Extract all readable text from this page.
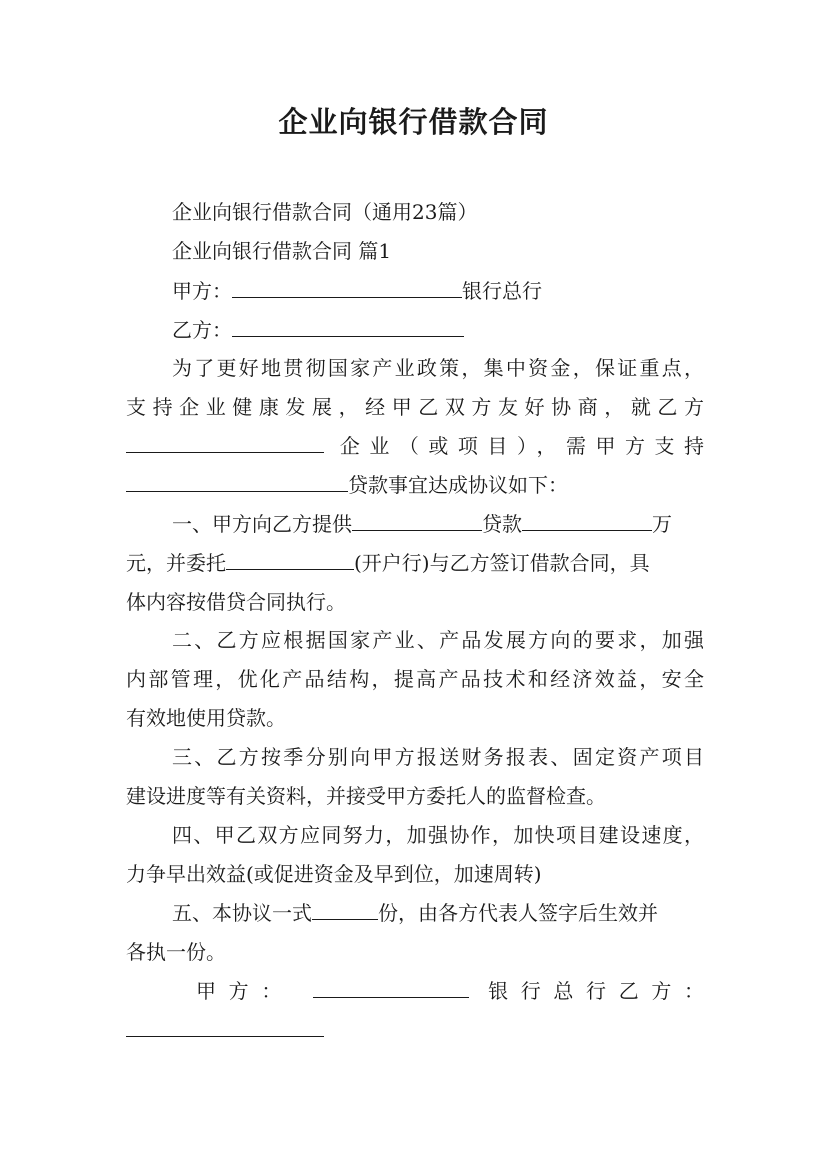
企业向银行借款合同
企业向银行借款合同（通用23篇）
企业向银行借款合同 篇1
甲方：	银行总行
乙方：
为了更好地贯彻国家产业政策，集中资金，保证重点，
支持企业健康发展，经甲乙双方友好协商，就乙方
企业（或项目），需甲方支持
贷款事宜达成协议如下：
一、甲方向乙方提供	贷款	万
元，并委托	(开户行)与乙方签订借款合同，具
体内容按借贷合同执行。
二、乙方应根据国家产业、产品发展方向的要求，加强
内部管理，优化产品结构，提高产品技术和经济效益，安全
有效地使用贷款。
三、乙方按季分别向甲方报送财务报表、固定资产项目
建设进度等有关资料，并接受甲方委托人的监督检查。
四、甲乙双方应同努力，加强协作，加快项目建设速度，
力争早出效益(或促进资金及早到位，加速周转)
五、本协议一式	份，由各方代表人签字后生效并
各执一份。
甲方：	银行总行乙方：
